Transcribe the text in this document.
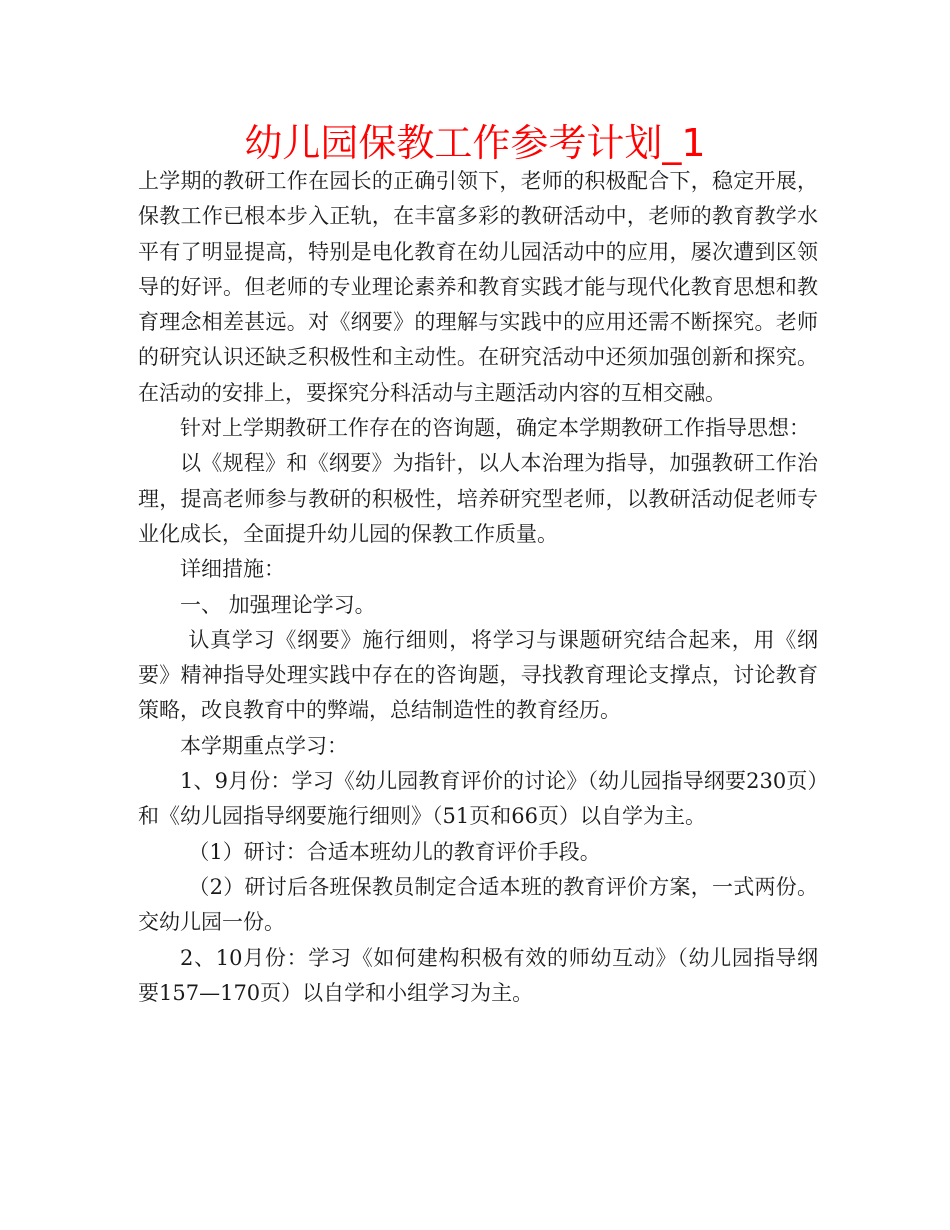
幼儿园保教工作参考计划_1

上学期的教研工作在园长的正确引领下，老师的积极配合下，稳定开展，保教工作已根本步入正轨，在丰富多彩的教研活动中，老师的教育教学水平有了明显提高，特别是电化教育在幼儿园活动中的应用，屡次遭到区领导的好评。但老师的专业理论素养和教育实践才能与现代化教育思想和教育理念相差甚远。对《纲要》的理解与实践中的应用还需不断探究。老师的研究认识还缺乏积极性和主动性。在研究活动中还须加强创新和探究。在活动的安排上，要探究分科活动与主题活动内容的互相交融。

针对上学期教研工作存在的咨询题，确定本学期教研工作指导思想：

以《规程》和《纲要》为指针，以人本治理为指导，加强教研工作治理，提高老师参与教研的积极性，培养研究型老师，以教研活动促老师专业化成长，全面提升幼儿园的保教工作质量。

详细措施：

一、 加强理论学习。

认真学习《纲要》施行细则，将学习与课题研究结合起来，用《纲要》精神指导处理实践中存在的咨询题，寻找教育理论支撑点，讨论教育策略，改良教育中的弊端，总结制造性的教育经历。

本学期重点学习：

1、9月份：学习《幼儿园教育评价的讨论》（幼儿园指导纲要230页）和《幼儿园指导纲要施行细则》（51页和66页）以自学为主。

（1）研讨：合适本班幼儿的教育评价手段。

（2）研讨后各班保教员制定合适本班的教育评价方案，一式两份。交幼儿园一份。

2、10月份：学习《如何建构积极有效的师幼互动》（幼儿园指导纲要157—170页）以自学和小组学习为主。
